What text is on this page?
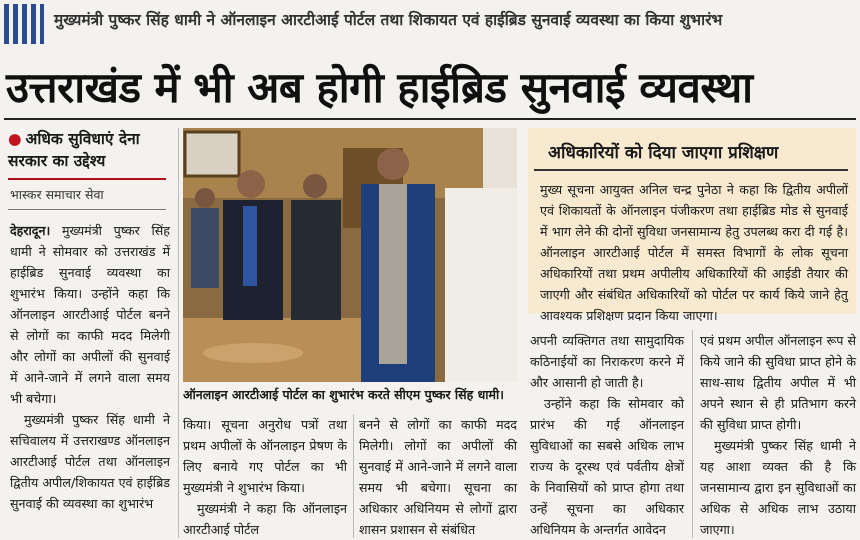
मुख्यमंत्री पुष्कर सिंह धामी ने ऑनलाइन आरटीआई पोर्टल तथा शिकायत एवं हाईब्रिड सुनवाई व्यवस्था का किया शुभारंभ
उत्तराखंड में भी अब होगी हाईब्रिड सुनवाई व्यवस्था
● अधिक सुविधाएं देना सरकार का उद्देश्य
भास्कर समाचार सेवा

देहरादून। मुख्यमंत्री पुष्कर सिंह धामी ने सोमवार को उत्तराखंड में हाईब्रिड सुनवाई व्यवस्था का शुभारंभ किया। उन्होंने कहा कि ऑनलाइन आरटीआई पोर्टल बनने से लोगों का काफी मदद मिलेगी और लोगों का अपीलों की सुनवाई में आने-जाने में लगने वाला समय भी बचेगा।

मुख्यमंत्री पुष्कर सिंह धामी ने सचिवालय में उत्तराखण्ड ऑनलाइन आरटीआई पोर्टल तथा ऑनलाइन द्वितीय अपील/शिकायत एवं हाईब्रिड सुनवाई की व्यवस्था का शुभारंभ

ऑनलाइन आरटीआई पोर्टल का शुभारंभ करते सीएम पुष्कर सिंह धामी।

किया। सूचना अनुरोध पत्रों तथा प्रथम अपीलों के ऑनलाइन प्रेषण के लिए बनाये गए पोर्टल का भी मुख्यमंत्री ने शुभारंभ किया।

मुख्यमंत्री ने कहा कि ऑनलाइन आरटीआई पोर्टल

बनने से लोगों का काफी मदद मिलेगी। लोगों का अपीलों की सुनवाई में आने-जाने में लगने वाला समय भी बचेगा। सूचना का अधिकार अधिनियम से लोगों द्वारा शासन प्रशासन से संबंधित

अधिकारियों को दिया जाएगा प्रशिक्षण
मुख्य सूचना आयुक्त अनिल चन्द्र पुनेठा ने कहा कि द्वितीय अपीलों एवं शिकायतों के ऑनलाइन पंजीकरण तथा हाईब्रिड मोड से सुनवाई में भाग लेने की दोनों सुविधा जनसामान्य हेतु उपलब्ध करा दी गई है। ऑनलाइन आरटीआई पोर्टल में समस्त विभागों के लोक सूचना अधिकारियों तथा प्रथम अपीलीय अधिकारियों की आईडी तैयार की जाएगी और संबंधित अधिकारियों को पोर्टल पर कार्य किये जाने हेतु आवश्यक प्रशिक्षण प्रदान किया जाएगा।

अपनी व्यक्तिगत तथा सामुदायिक कठिनाईयों का निराकरण करने में और आसानी हो जाती है।

उन्होंने कहा कि सोमवार को प्रारंभ की गई ऑनलाइन सुविधाओं का सबसे अधिक लाभ राज्य के दूरस्थ एवं पर्वतीय क्षेत्रों के निवासियों को प्राप्त होगा तथा उन्हें सूचना का अधिकार अधिनियम के अन्तर्गत आवेदन

एवं प्रथम अपील ऑनलाइन रूप से किये जाने की सुविधा प्राप्त होने के साथ-साथ द्वितीय अपील में भी अपने स्थान से ही प्रतिभाग करने की सुविधा प्राप्त होगी।

मुख्यमंत्री पुष्कर सिंह धामी ने यह आशा व्यक्त की है कि जनसामान्य द्वारा इन सुविधाओं का अधिक से अधिक लाभ उठाया जाएगा।
